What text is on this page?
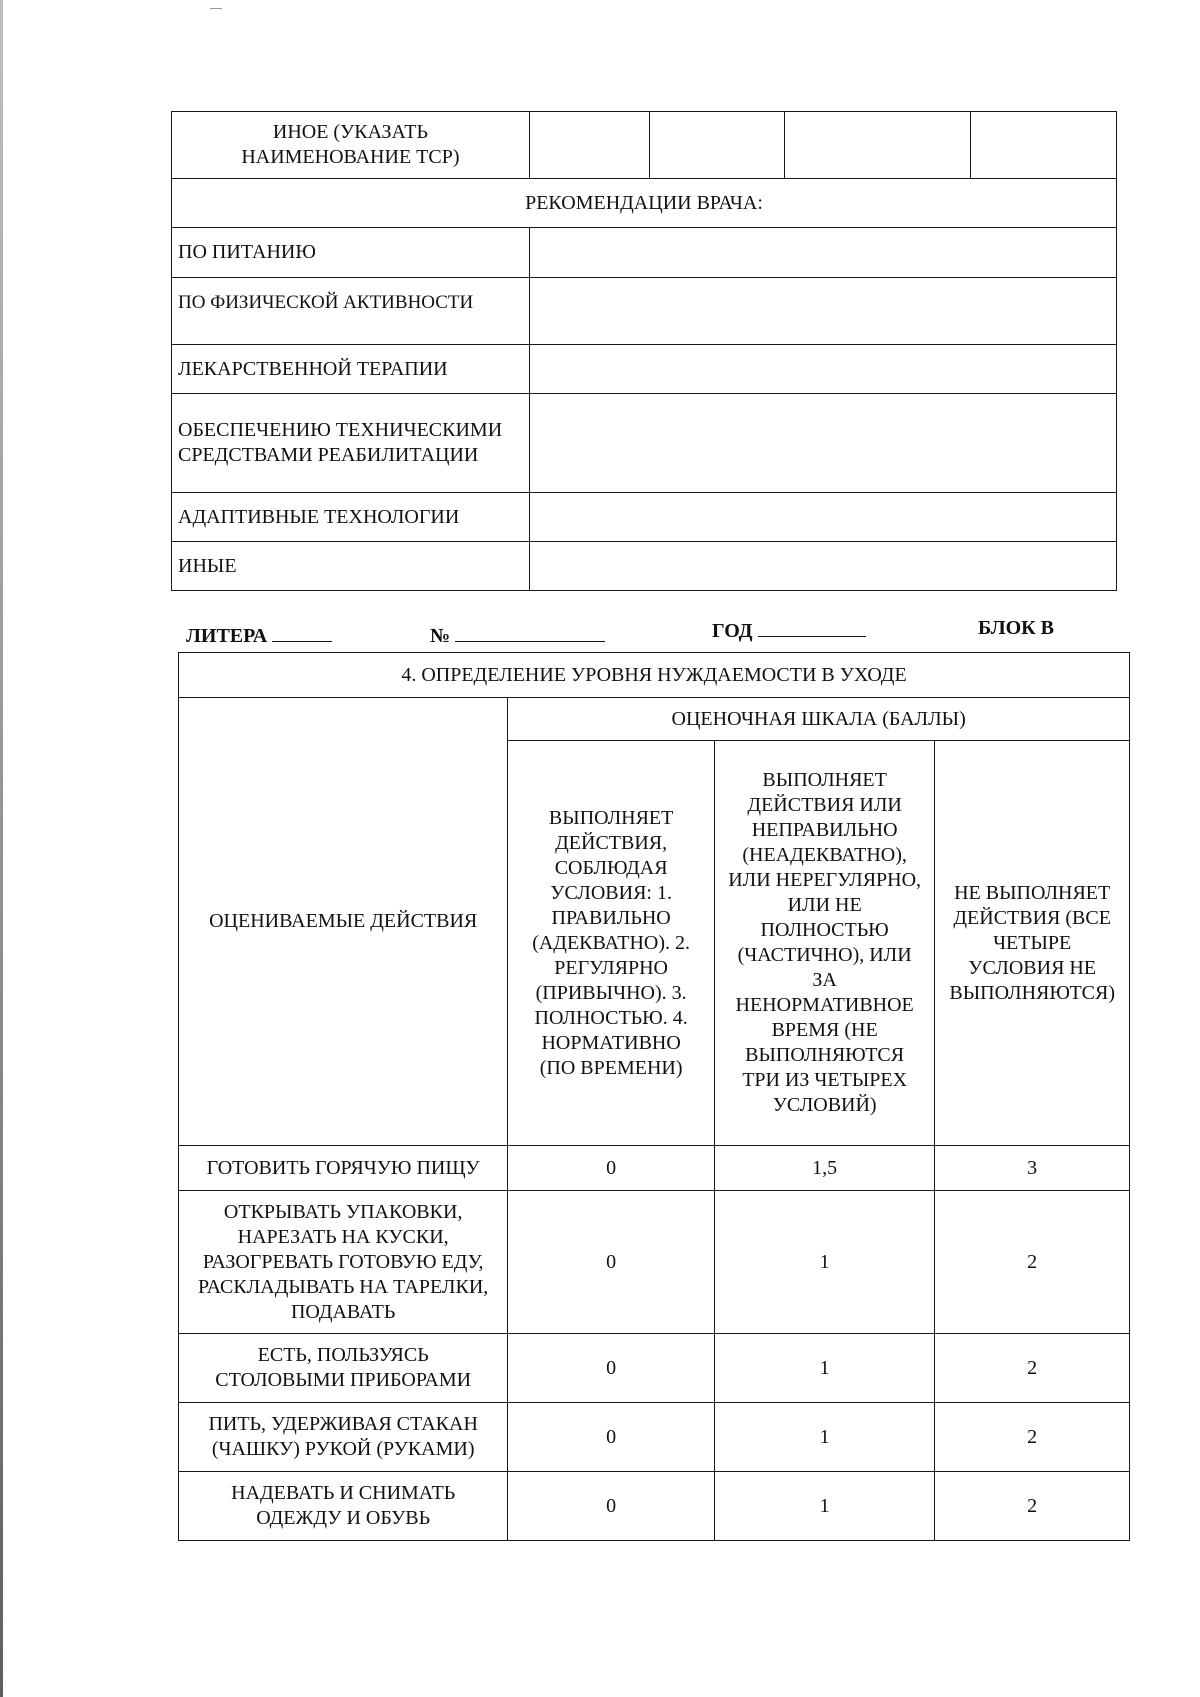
ИНОЕ (УКАЗАТЬ НАИМЕНОВАНИЕ ТСР)				
РЕКОМЕНДАЦИИ ВРАЧА:				
ПО ПИТАНИЮ				
ПО ФИЗИЧЕСКОЙ АКТИВНОСТИ				
ЛЕКАРСТВЕННОЙ ТЕРАПИИ				
ОБЕСПЕЧЕНИЮ ТЕХНИЧЕСКИМИ СРЕДСТВАМИ РЕАБИЛИТАЦИИ				
АДАПТИВНЫЕ ТЕХНОЛОГИИ				
ИНЫЕ				
ЛИТЕРА	№	ГОД	БЛОК В
4. ОПРЕДЕЛЕНИЕ УРОВНЯ НУЖДАЕМОСТИ В УХОДЕ			
ОЦЕНИВАЕМЫЕ ДЕЙСТВИЯ	ОЦЕНОЧНАЯ ШКАЛА (БАЛЛЫ)		
	ВЫПОЛНЯЕТ ДЕЙСТВИЯ, СОБЛЮДАЯ УСЛОВИЯ: 1. ПРАВИЛЬНО (АДЕКВАТНО). 2. РЕГУЛЯРНО (ПРИВЫЧНО). 3. ПОЛНОСТЬЮ. 4. НОРМАТИВНО (ПО ВРЕМЕНИ)	ВЫПОЛНЯЕТ ДЕЙСТВИЯ ИЛИ НЕПРАВИЛЬНО (НЕАДЕКВАТНО), ИЛИ НЕРЕГУЛЯРНО, ИЛИ НЕ ПОЛНОСТЬЮ (ЧАСТИЧНО), ИЛИ ЗА НЕНОРМАТИВНОЕ ВРЕМЯ (НЕ ВЫПОЛНЯЮТСЯ ТРИ ИЗ ЧЕТЫРЕХ УСЛОВИЙ)	НЕ ВЫПОЛНЯЕТ ДЕЙСТВИЯ (ВСЕ ЧЕТЫРЕ УСЛОВИЯ НЕ ВЫПОЛНЯЮТСЯ)
ГОТОВИТЬ ГОРЯЧУЮ ПИЩУ	0	1,5	3
ОТКРЫВАТЬ УПАКОВКИ, НАРЕЗАТЬ НА КУСКИ, РАЗОГРЕВАТЬ ГОТОВУЮ ЕДУ, РАСКЛАДЫВАТЬ НА ТАРЕЛКИ, ПОДАВАТЬ	0	1	2
ЕСТЬ, ПОЛЬЗУЯСЬ СТОЛОВЫМИ ПРИБОРАМИ	0	1	2
ПИТЬ, УДЕРЖИВАЯ СТАКАН (ЧАШКУ) РУКОЙ (РУКАМИ)	0	1	2
НАДЕВАТЬ И СНИМАТЬ ОДЕЖДУ И ОБУВЬ	0	1	2
